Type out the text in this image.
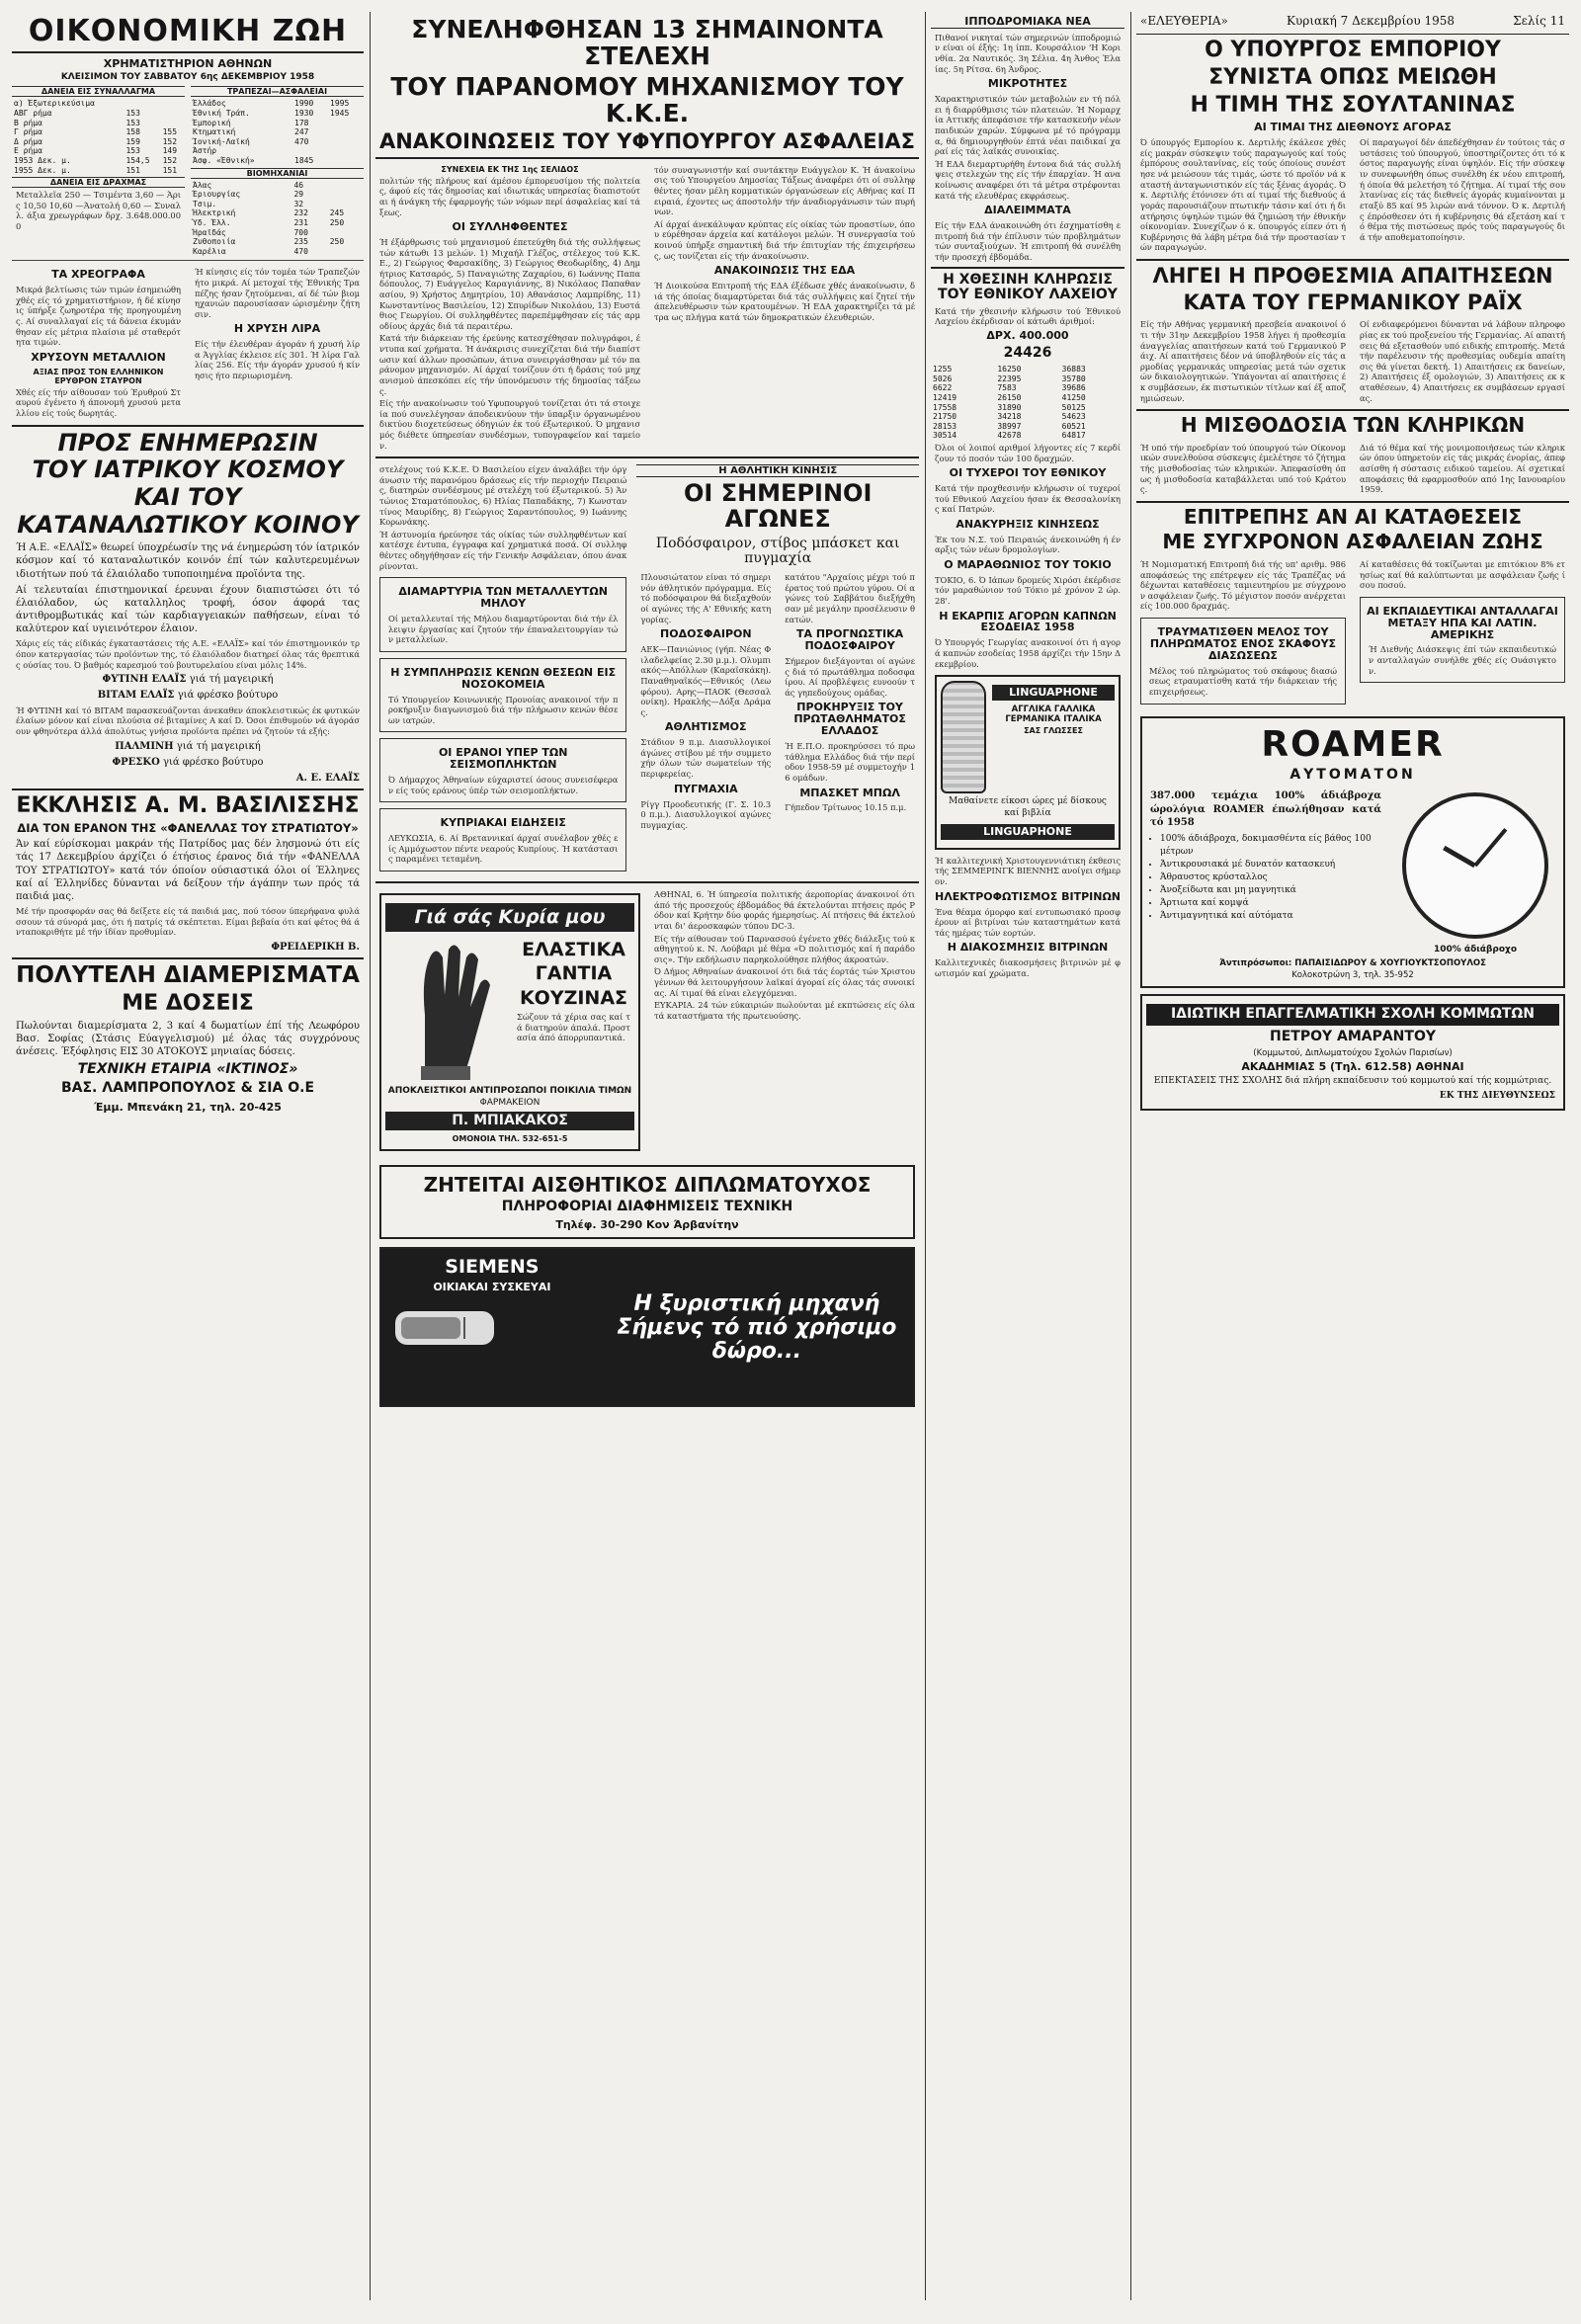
ΟΙΚΟΝΟΜΙΚΗ ΖΩΗ
ΧΡΗΜΑΤΙΣΤΗΡΙΟΝ ΑΘΗΝΩΝ
ΚΛΕΙΣΙΜΟΝ ΤΟΥ ΣΑΒΒΑΤΟΥ 6ης ΔΕΚΕΜΒΡΙΟΥ 1958
ΔΑΝΕΙΑ ΕΙΣ ΣΥΝΑΛΛΑΓΜΑ
α) Έξωτερικεύσιμα		
ΑΒΓ ρήμα	153	
Β ρήμα	153	
Γ ρήμα	158	155
Δ ρήμα	159	152
Ε ρήμα	153	149
1953 Δεκ. μ.	154,5	152
1955 Δεκ. μ.	151	151
ΔΑΝΕΙΑ ΕΙΣ ΔΡΑΧΜΑΣ
Μεταλλεῖα 250 — Τσιμέντα 3,60 — Άρις 10,50 10,60 —Άνατολή 0,60 — Συναλλ. άξια χρεωγράφων δρχ. 3.648.000.000
ΤΡΑΠΕΖΑΙ—ΑΣΦΑΛΕΙΑΙ
Έλλάδος	1990	1995
Έθνική Τράπ.	1930	1945
Έμπορική	178	
Κτηματική	247	
Ίονική-Λαϊκή	470	
Άστήρ		
Άσφ. «Έθνική»	1845	
ΒΙΟΜΗΧΑΝΙΑΙ
Άλας	46	
Έριουργίας	29	
Τσιμ.	32	
Ήλεκτρική	232	245
Ύδ. Έλλ.	231	250
Ήραϊδάς	700	
Ζυθοποιία	235	250
Καρέλια	470	
ΤΑ ΧΡΕΟΓΡΑΦΑ
Μικρά βελτίωσις τών τιμών έσημειώθη χθές είς τό χρηματιστήριον, ή δέ κίνησις ύπήρξε ζωηροτέρα τής προηγουμένης. Αί συναλλαγαί είς τά δάνεια έκυμάνθησαν είς μέτρια πλαίσια μέ σταθερότητα τιμών.
ΧΡΥΣΟΥΝ ΜΕΤΑΛΛΙΟΝ
ΑΞΙΑΣ ΠΡΟΣ ΤΟΝ ΕΛΛΗΝΙΚΟΝ ΕΡΥΘΡΟΝ ΣΤΑΥΡΟΝ
Χθές είς τήν αίθουσαν τού Έρυθρού Σταυρού έγένετο ή άπονομή χρυσού μεταλλίου είς τούς δωρητάς.
Ή κίνησις είς τόν τομέα τών Τραπεζών ήτο μικρά. Αί μετοχαί τής Έθνικής Τραπέζης ήσαν ζητούμεναι, αί δέ τών βιομηχανιών παρουσίασαν ώρισμένην ζήτησιν.
Η ΧΡΥΣΗ ΛΙΡΑ
Είς τήν έλευθέραν άγοράν ή χρυσή λίρα Άγγλίας έκλεισε είς 301. Ή λίρα Γαλλίας 256. Είς τήν άγοράν χρυσού ή κίνησις ήτο περιωρισμένη.
ΠΡΟΣ ΕΝΗΜΕΡΩΣΙΝ
ΤΟΥ ΙΑΤΡΙΚΟΥ ΚΟΣΜΟΥ
ΚΑΙ ΤΟΥ
ΚΑΤΑΝΑΛΩΤΙΚΟΥ ΚΟΙΝΟΥ
Ή Α.Ε. «ΕΛΑΪΣ» θεωρεί ύποχρέωσίν της νά ένημερώση τόν ίατρικόν κόσμον καί τό καταναλωτικόν κοινόν έπί τών καλυτερευμένων ιδιοτήτων πού τά έλαιόλαδο τυποποιημένα προϊόντα της.
Αί τελευταίαι έπιστημονικαί έρευναι έχουν διαπιστώσει ότι τό έλαιόλαδον, ώς καταλληλος τροφή, όσον άφορά τας άντιθρομβωτικάς καί τών καρδιαγγειακών παθήσεων, είναι τό καλύτερον καί υγιεινότερον έλαιον.
Χάρις είς τάς είδικάς έγκαταστάσεις τής Α.Ε. «ΕΛΑΪΣ» καί τόν έπιστημονικόν τρόπον κατεργασίας τών προϊόντων της, τό έλαιόλαδον διατηρεί όλας τάς θρεπτικάς ούσίας του. Ό βαθμός καρεσμού τού βουτυρελαίου είναι μόλις 14%.
ΦΥΤΙΝΗ ΕΛΑΪΣ γιά τή μαγειρική
ΒΙΤΑΜ ΕΛΑΪΣ γιά φρέσκο βούτυρο
Ή ΦΥΤΙΝΗ καί τό ΒΙΤΑΜ παρασκευάζονται άνεκαθεν άποκλειστικώς έκ φυτικών έλαίων μόνον καί είναι πλούσια σέ βιταμίνες Α καί D. Όσοι έπιθυμούν νά άγοράσουν φθηνότερα άλλά άπολύτως γνήσια προϊόντα πρέπει νά ζητούν τά εξής:
ΠΑΛΜΙΝΗ γιά τή μαγειρική
ΦΡΕΣΚΟ γιά φρέσκο βούτυρο
Α. Ε. ΕΛΑΪΣ
ΕΚΚΛΗΣΙΣ Α. Μ. ΒΑΣΙΛΙΣΣΗΣ
ΔΙΑ ΤΟΝ ΕΡΑΝΟΝ ΤΗΣ «ΦΑΝΕΛΛΑΣ ΤΟΥ ΣΤΡΑΤΙΩΤΟΥ»
Άν καί εύρίσκομαι μακράν τής Πατρίδος μας δέν λησμονώ ότι είς τάς 17 Δεκεμβρίου άρχίζει ό έτήσιος έρανος διά τήν «ΦΑΝΕΛΛΑ ΤΟΥ ΣΤΡΑΤΙΩΤΟΥ» κατά τόν όποίον ούσιαστικά όλοι οί Έλληνες καί αί Έλληνίδες δύνανται νά δείξουν τήν άγάπην των πρός τά παιδιά μας.
Μέ τήν προσφοράν σας θά δείξετε είς τά παιδιά μας, πού τόσον ύπερήφανα φυλάσσουν τά σύνορά μας, ότι ή πατρίς τά σκέπτεται. Είμαι βεβαία ότι καί φέτος θά άνταποκριθήτε μέ τήν ίδίαν προθυμίαν.
ΦΡΕΙΔΕΡΙΚΗ Β.
ΠΟΛΥΤΕΛΗ ΔΙΑΜΕΡΙΣΜΑΤΑ
ΜΕ ΔΟΣΕΙΣ
Πωλούνται διαμερίσματα 2, 3 καί 4 δωματίων έπί τής Λεωφόρου Βασ. Σοφίας (Στάσις Εύαγγελισμού) μέ όλας τάς συγχρόνους άνέσεις. Έξόφλησις ΕΙΣ 30 ΑΤΟΚΟΥΣ μηνιαίας δόσεις.
ΤΕΧΝΙΚΗ ΕΤΑΙΡΙΑ «ΙΚΤΙΝΟΣ»
ΒΑΣ. ΛΑΜΠΡΟΠΟΥΛΟΣ & ΣΙΑ Ο.Ε
Έμμ. Μπενάκη 21, τηλ. 20-425
ΣΥΝΕΛΗΦΘΗΣΑΝ 13 ΣΗΜΑΙΝΟΝΤΑ ΣΤΕΛΕΧΗ
ΤΟΥ ΠΑΡΑΝΟΜΟΥ ΜΗΧΑΝΙΣΜΟΥ ΤΟΥ Κ.Κ.Ε.
ΑΝΑΚΟΙΝΩΣΕΙΣ ΤΟΥ ΥΦΥΠΟΥΡΓΟΥ ΑΣΦΑΛΕΙΑΣ
ΣΥΝΕΧΕΙΑ ΕΚ ΤΗΣ 1ης ΣΕΛΙΔΟΣ
πολιτών τής πλήρους καί άμέσου έμπορευσίμου τής πολιτείας, άφού είς τάς δημοσίας καί ιδιωτικάς υπηρεσίας διαπιστούται ή άνάγκη τής έφαρμογής τών νόμων περί άσφαλείας καί τάξεως.
ΟΙ ΣΥΛΛΗΦΘΕΝΤΕΣ
Ή έξάρθρωσις τού μηχανισμού έπετεύχθη διά τής συλλήψεως τών κάτωθι 13 μελών. 1) Μιχαήλ Γλέζος, στέλεχος τού Κ.Κ.Ε., 2) Γεώργιος Φαρσακίδης, 3) Γεώργιος Θεοδωρίδης, 4) Δημήτριος Κατσαρός, 5) Παναγιώτης Ζαχαρίου, 6) Ιωάννης Παπαδόπουλος, 7) Ευάγγελος Καραγιάννης, 8) Νικόλαος Παπαθανασίου, 9) Χρήστος Δημητρίου, 10) Αθανάσιος Λαμπρίδης, 11) Κωνσταντίνος Βασιλείου, 12) Σπυρίδων Νικολάου, 13) Ευστάθιος Γεωργίου. Οί συλληφθέντες παρεπέμφθησαν είς τάς αρμοδίους άρχάς διά τά περαιτέρω.
Κατά τήν διάρκειαν τής έρεύνης κατεσχέθησαν πολυγράφοι, έντυπα καί χρήματα. Ή άνάκρισις συνεχίζεται διά τήν διαπίστωσιν καί άλλων προσώπων, άτινα συνειργάσθησαν μέ τόν παράνομον μηχανισμόν. Αί άρχαί τονίζουν ότι ή δράσις τού μηχανισμού άπεσκόπει είς τήν ύπονόμευσιν τής δημοσίας τάξεως.
Είς τήν ανακοίνωσιν τού Υφυπουργού τονίζεται ότι τά στοιχεία πού συνελέγησαν άποδεικνύουν τήν ύπαρξιν όργανωμένου δικτύου διοχετεύσεως όδηγιών έκ τού έξωτερικού. Ό μηχανισμός διέθετε ύπηρεσίαν συνδέσμων, τυπογραφείον καί ταμείον.
τόν συναγωνιστήν καί συντάκτην Ευάγγελον Κ. Ή άνακοίνωσις τού Υπουργείου Δημοσίας Τάξεως άναφέρει ότι οί συλληφθέντες ήσαν μέλη κομματικών όργανώσεων είς Αθήνας καί Πειραιά, έχοντες ως άποστολήν τήν άναδιοργάνωσιν τών πυρήνων.
Αί άρχαί άνεκάλυψαν κρύπτας είς οίκίας τών προαστίων, όπου εύρέθησαν άρχεία καί κατάλογοι μελών. Ή συνεργασία τού κοινού ύπήρξε σημαντική διά τήν έπιτυχίαν τής έπιχειρήσεως, ως τονίζεται είς τήν άνακοίνωσιν.
ΑΝΑΚΟΙΝΩΣΙΣ ΤΗΣ ΕΔΑ
Ή Διοικούσα Επιτροπή τής ΕΔΑ έξέδωσε χθές άνακοίνωσιν, διά τής όποίας διαμαρτύρεται διά τάς συλλήψεις καί ζητεί τήν άπελευθέρωσιν τών κρατουμένων. Ή ΕΔΑ χαρακτηρίζει τά μέτρα ως πλήγμα κατά τών δημοκρατικών έλευθεριών.
στελέχους τού Κ.Κ.Ε. Ό Βασιλείου είχεν άναλάβει τήν όργάνωσιν τής παρανόμου δράσεως είς τήν περιοχήν Πειραιώς, διατηρών συνδέσμους μέ στελέχη τού έξωτερικού. 5) Άντώνιος Σταματόπουλος, 6) Ηλίας Παπαδάκης, 7) Κωνσταντίνος Μαυρίδης, 8) Γεώργιος Σαραντόπουλος, 9) Ιωάννης Κορωνάκης.
Ή άστυνομία ήρεύνησε τάς οίκίας τών συλληφθέντων καί κατέσχε έντυπα, έγγραφα καί χρηματικά ποσά. Οί συλληφθέντες οδηγήθησαν είς τήν Γενικήν Ασφάλειαν, όπου άνακρίνονται.
ΔΙΑΜΑΡΤΥΡΙΑ ΤΩΝ ΜΕΤΑΛΛΕΥΤΩΝ ΜΗΛΟΥ
Οί μεταλλευταί τής Μήλου διαμαρτύρονται διά τήν έλλειψιν έργασίας καί ζητούν τήν έπαναλειτουργίαν τών μεταλλείων.
Η ΣΥΜΠΛΗΡΩΣΙΣ ΚΕΝΩΝ ΘΕΣΕΩΝ ΕΙΣ ΝΟΣΟΚΟΜΕΙΑ
Τό Υπουργείον Κοινωνικής Προνοίας ανακοινοί τήν προκήρυξιν διαγωνισμού διά τήν πλήρωσιν κενών θέσεων ιατρών.
ΟΙ ΕΡΑΝΟΙ ΥΠΕΡ ΤΩΝ ΣΕΙΣΜΟΠΛΗΚΤΩΝ
Ό Δήμαρχος Άθηναίων εύχαριστεί όσους συνεισέφεραν είς τούς εράνους ύπέρ τών σεισμοπλήκτων.
ΚΥΠΡΙΑΚΑΙ ΕΙΔΗΣΕΙΣ
ΛΕΥΚΩΣΙΑ, 6. Αί Βρεταννικαί άρχαί συνέλαβον χθές είς Αμμόχωστον πέντε νεαρούς Κυπρίους. Ή κατάστασις παραμένει τεταμένη.
Η ΑΘΛΗΤΙΚΗ ΚΙΝΗΣΙΣ
ΟΙ ΣΗΜΕΡΙΝΟΙ ΑΓΩΝΕΣ
Ποδόσφαιρον, στίβος μπάσκετ και πυγμαχία
Πλουσιώτατον είναι τό σημερινόν άθλητικόν πρόγραμμα. Είς τό ποδόσφαιρον θά διεξαχθούν οί αγώνες τής Α' Εθνικής κατηγορίας.
ΠΟΔΟΣΦΑΙΡΟΝ
ΑΕΚ—Πανιώνιος (γήπ. Νέας Φιλαδελφείας 2.30 μ.μ.). Ολυμπιακός—Απόλλων (Καραϊσκάκη). Παναθηναϊκός—Εθνικός (Λεωφόρου). Αρης—ΠΑΟΚ (Θεσσαλονίκη). Ηρακλής—Δόξα Δράμας.
ΑΘΛΗΤΙΣΜΟΣ
Στάδιον 9 π.μ. Διασυλλογικοί άγώνες στίβου μέ τήν συμμετοχήν όλων τών σωματείων τής περιφερείας.
ΠΥΓΜΑΧΙΑ
Ρίγγ Προοδευτικής (Γ. Σ. 10.30 π.μ.). Διασυλλογικοί αγώνες πυγμαχίας.
κατάτου "Αρχαίοις μέχρι τού πέρατος τού πρώτου γύρου. Οί αγώνες τού Σαββάτου διεξήχθησαν μέ μεγάλην προσέλευσιν θεατών.
ΤΑ ΠΡΟΓΝΩΣΤΙΚΑ ΠΟΔΟΣΦΑΙΡΟΥ
Σήμερον διεξάγονται οί αγώνες διά τό πρωτάθλημα ποδοσφαίρου. Αί προβλέψεις ευνοούν τάς γηπεδούχους ομάδας.
ΠΡΟΚΗΡΥΞΙΣ ΤΟΥ ΠΡΩΤΑΘΛΗΜΑΤΟΣ ΕΛΛΑΔΟΣ
Ή Ε.Π.Ο. προκηρύσσει τό πρωτάθλημα Ελλάδος διά τήν περίοδον 1958-59 μέ συμμετοχήν 16 ομάδων.
ΜΠΑΣΚΕΤ ΜΠΩΛ
Γήπεδον Τρίτωνος 10.15 π.μ.
Γιά σάς Κυρία μου
ΕΛΑΣΤΙΚΑ
ΓΑΝΤΙΑ
ΚΟΥΖΙΝΑΣ
Σώζουν τά χέρια σας καί τά διατηρούν άπαλά. Προστασία άπό άπορρυπαντικά.
ΑΠΟΚΛΕΙΣΤΙΚΟΙ ΑΝΤΙΠΡΟΣΩΠΟΙ ΠΟΙΚΙΛΙΑ ΤΙΜΩΝ
ΦΑΡΜΑΚΕΙΟΝ
Π. ΜΠΙΑΚΑΚΟΣ
ΟΜΟΝΟΙΑ ΤΗΛ. 532-651-5
ΑΘΗΝΑΙ, 6. Ή ύπηρεσία πολιτικής άεροπορίας άνακοινοί ότι άπό τής προσεχούς έβδομάδος θά έκτελούνται πτήσεις πρός Ρόδον καί Κρήτην δύο φοράς ήμερησίως. Αί πτήσεις θά έκτελούνται δι' άεροσκαφών τύπου DC-3.
Είς τήν αίθουσαν τού Παρνασσού έγένετο χθές διάλεξις τού καθηγητού κ. Ν. Λούβαρι μέ θέμα «Ό πολιτισμός καί ή παράδοσις». Τήν εκδήλωσιν παρηκολούθησε πλήθος άκροατών.
Ό Δήμος Αθηναίων άνακοινοί ότι διά τάς έορτάς τών Χριστουγέννων θά λειτουργήσουν λαϊκαί άγοραί είς όλας τάς συνοικίας. Αί τιμαί θά είναι ελεγχόμεναι.
ΕΥΚΑΡΙΑ. 24 τών εύκαιριών πωλούνται μέ εκπτώσεις είς όλα τά καταστήματα τής πρωτευούσης.
ΖΗΤΕΙΤΑΙ ΑΙΣΘΗΤΙΚΟΣ ΔΙΠΛΩΜΑΤΟΥΧΟΣ
ΠΛΗΡΟΦΟΡΙΑΙ ΔΙΑΦΗΜΙΣΕΙΣ ΤΕΧΝΙΚΗ
Τηλέφ. 30-290 Κον Άρβανίτην
SIEMENS
ΟΙΚΙΑΚΑΙ ΣΥΣΚΕΥΑΙ
Η ξυριστική μηχανή Σήμενς τό πιό χρήσιμο δώρο...
ΙΠΠΟΔΡΟΜΙΑΚΑ ΝΕΑ
Πιθανοί νικηταί τών σημερινών ίπποδρομιών είναι οί έξής: 1η ίππ. Κουρσάλιον 'Η Κορινθία. 2α Ναυτικός. 3η Σέλια. 4η Άνθος Έλαίας. 5η Ρίτσα. 6η Άνδρος.
ΜΙΚΡΟΤΗΤΕΣ
Χαρακτηριστικόν τών μεταβολών εν τή πόλει ή διαρρύθμισις τών πλατειών. Ή Νομαρχία Αττικής άπεφάσισε τήν κατασκευήν νέων παιδικών χαρών. Σύμφωνα μέ τό πρόγραμμα, θά δημιουργηθούν έπτά νέαι παιδικαί χαραί είς τάς λαϊκάς συνοικίας.
Ή ΕΔΑ διεμαρτυρήθη έντονα διά τάς συλλήψεις στελεχών της είς τήν έπαρχίαν. Ή ανακοίνωσις αναφέρει ότι τά μέτρα στρέφονται κατά τής ελευθέρας εκφράσεως.
ΔΙΑΛΕΙΜΜΑΤΑ
Είς τήν ΕΔΑ άνακοινώθη ότι έσχηματίσθη επιτροπή διά τήν έπίλυσιν τών προβλημάτων τών συνταξιούχων. Ή επιτροπή θά συνέλθη τήν προσεχή έβδομάδα.
Η ΧΘΕΣΙΝΗ ΚΛΗΡΩΣΙΣ ΤΟΥ ΕΘΝΙΚΟΥ ΛΑΧΕΙΟΥ
Κατά τήν χθεσινήν κλήρωσιν τού Έθνικού Λαχείου έκέρδισαν οί κάτωθι άριθμοί:
ΔΡΧ. 400.000
24426
1255	16250	36883
5026	22395	35780
6622	7583	39686
12419	26150	41250
17558	31890	50125
21750	34218	54623
28153	38997	60521
30514	42678	64817
Όλοι οί λοιποί αριθμοί λήγοντες είς 7 κερδίζουν τό ποσόν τών 100 δραχμών.
ΟΙ ΤΥΧΕΡΟΙ ΤΟΥ ΕΘΝΙΚΟΥ
Κατά τήν προχθεσινήν κλήρωσιν οί τυχεροί τού Εθνικού Λαχείου ήσαν έκ Θεσσαλονίκης καί Πατρών.
ΑΝΑΚΥΡΗΞΙΣ ΚΙΝΗΣΕΩΣ
Έκ του Ν.Σ. τού Πειραιώς άνεκοινώθη ή έναρξις τών νέων δρομολογίων.
Ο ΜΑΡΑΘΩΝΙΟΣ ΤΟΥ ΤΟΚΙΟ
ΤΟΚΙΟ, 6. Ό Ιάπων δρομεύς Χιρόσι έκέρδισε τόν μαραθώνιον τού Τόκιο μέ χρόνον 2 ώρ. 28'.
Η ΕΚΑΡΠΙΣ ΑΓΟΡΩΝ ΚΑΠΝΩΝ ΕΣΟΔΕΙΑΣ 1958
Ό Υπουργός Γεωργίας ανακοινοί ότι ή αγορά καπνών εσοδείας 1958 άρχίζει τήν 15ην Δεκεμβρίου.
LINGUAPHONE
ΑΓΓΛΙΚΑ ΓΑΛΛΙΚΑ ΓΕΡΜΑΝΙΚΑ ΙΤΑΛΙΚΑ
ΣΑΣ ΓΛΩΣΣΕΣ
Μαθαίνετε είκοσι ώρες μέ δίσκους καί βιβλία
LINGUAPHONE
Ή καλλιτεχνική Χριστουγεννιάτικη έκθεσις τής ΣΕΜΜΕΡΙΝΓΚ ΒΙΕΝΝΗΣ ανοίγει σήμερον.
ΗΛΕΚΤΡΟΦΩΤΙΣΜΟΣ ΒΙΤΡΙΝΩΝ
Ένα θέαμα όμορφο καί εντυπωσιακό προσφέρουν αί βιτρίναι τών καταστημάτων κατά τάς ημέρας τών εορτών.
Η ΔΙΑΚΟΣΜΗΣΙΣ ΒΙΤΡΙΝΩΝ
Καλλιτεχνικές διακοσμήσεις βιτρινών μέ φωτισμόν καί χρώματα.
«ΕΛΕΥΘΕΡΙΑ»	Κυριακή 7 Δεκεμβρίου 1958	Σελίς 11
Ο ΥΠΟΥΡΓΟΣ ΕΜΠΟΡΙΟΥ
ΣΥΝΙΣΤΑ ΟΠΩΣ ΜΕΙΩΘΗ
Η ΤΙΜΗ ΤΗΣ ΣΟΥΛΤΑΝΙΝΑΣ
ΑΙ ΤΙΜΑΙ ΤΗΣ ΔΙΕΘΝΟΥΣ ΑΓΟΡΑΣ
Ό ύπουργός Εμπορίου κ. Δερτιλής έκάλεσε χθές είς μακράν σύσκεψιν τούς παραγωγούς καί τούς έμπόρους σουλτανίνας, είς τούς όποίους συνέστησε νά μειώσουν τάς τιμάς, ώστε τό προϊόν νά καταστή άνταγωνιστικόν είς τάς ξένας άγοράς. Ό κ. Δερτιλής έτόνισεν ότι αί τιμαί τής διεθνούς άγοράς παρουσιάζουν πτωτικήν τάσιν καί ότι ή διατήρησις ύψηλών τιμών θά ζημιώση τήν έθνικήν οίκονομίαν. Συνεχίζων ό κ. ύπουργός είπεν ότι ή Κυβέρνησις θά λάβη μέτρα διά τήν προστασίαν τών παραγωγών.
Οί παραγωγοί δέν άπεδέχθησαν έν τούτοις τάς συστάσεις τού ύπουργού, ύποστηρίζοντες ότι τό κόστος παραγωγής είναι ύψηλόν. Είς τήν σύσκεψιν συνεφωνήθη όπως συνέλθη έκ νέου επιτροπή, ή όποία θά μελετήση τό ζήτημα. Αί τιμαί τής σουλτανίνας είς τάς διεθνείς άγοράς κυμαίνονται μεταξύ 85 καί 95 λιρών ανά τόννον. Ό κ. Δερτιλής έπρόσθεσεν ότι ή κυβέρνησις θά εξετάση καί τό θέμα τής πιστώσεως πρός τούς παραγωγούς διά τήν αποθεματοποίησιν.
ΛΗΓΕΙ Η ΠΡΟΘΕΣΜΙΑ ΑΠΑΙΤΗΣΕΩΝ
ΚΑΤΑ ΤΟΥ ΓΕΡΜΑΝΙΚΟΥ ΡΑΪΧ
Είς τήν Αθήνας γερμανική πρεσβεία ανακοινοί ότι τήν 31ην Δεκεμβρίου 1958 λήγει ή προθεσμία άναγγελίας απαιτήσεων κατά τού Γερμανικού Ράιχ. Αί απαιτήσεις δέον νά ύποβληθούν είς τάς αρμοδίας γερμανικάς υπηρεσίας μετά τών σχετικών δικαιολογητικών. Ύπάγονται αί απαιτήσεις έκ συμβάσεων, έκ πιστωτικών τίτλων καί έξ αποζημιώσεων.
Οί ενδιαφερόμενοι δύνανται νά λάβουν πληροφορίας εκ τού προξενείου τής Γερμανίας. Αί απαιτήσεις θά εξετασθούν υπό ειδικής επιτροπής. Μετά τήν παρέλευσιν τής προθεσμίας ουδεμία απαίτησις θά γίνεται δεκτή. 1) Απαιτήσεις εκ δανείων, 2) Απαιτήσεις έξ ομολογιών, 3) Απαιτήσεις εκ καταθέσεων, 4) Απαιτήσεις εκ συμβάσεων εργασίας.
Η ΜΙΣΘΟΔΟΣΙΑ ΤΩΝ ΚΛΗΡΙΚΩΝ
Ή υπό τήν προεδρίαν τού ύπουργού τών Οίκονομικών συνελθούσα σύσκεψις έμελέτησε τό ζήτημα τής μισθοδοσίας τών κληρικών. Άπεφασίσθη όπως ή μισθοδοσία καταβάλλεται υπό τού Κράτους.
Διά τό θέμα καί τής μονιμοποιήσεως τών κληρικών όπου ύπηρετούν είς τάς μικράς ένορίας, άπεφασίσθη ή σύστασις ειδικού ταμείου. Αί σχετικαί αποφάσεις θά εφαρμοσθούν από 1ης Ιανουαρίου 1959.
ΕΠΙΤΡΕΠΗΣ ΑΝ ΑΙ ΚΑΤΑΘΕΣΕΙΣ
ΜΕ ΣΥΓΧΡΟΝΟΝ ΑΣΦΑΛΕΙΑΝ ΖΩΗΣ
Ή Νομισματική Επιτροπή διά τής υπ' αριθμ. 986 αποφάσεώς της επέτρεψεν είς τάς Τραπέζας νά δέχωνται καταθέσεις ταμιευτηρίου με σύγχρονον ασφάλειαν ζωής. Τό μέγιστον ποσόν ανέρχεται είς 100.000 δραχμάς.
ΤΡΑΥΜΑΤΙΣΘΕΝ ΜΕΛΟΣ ΤΟΥ ΠΛΗΡΩΜΑΤΟΣ ΕΝΟΣ ΣΚΑΦΟΥΣ ΔΙΑΣΩΣΕΩΣ
Μέλος τού πληρώματος τού σκάφους διασώσεως ετραυματίσθη κατά τήν διάρκειαν τής επιχειρήσεως.
Αί καταθέσεις θά τοκίζωνται με επιτόκιον 8% ετησίως καί θά καλύπτωνται με ασφάλειαν ζωής ίσου ποσού.
ΑΙ ΕΚΠΑΙΔΕΥΤΙΚΑΙ ΑΝΤΑΛΛΑΓΑΙ ΜΕΤΑΞΥ ΗΠΑ ΚΑΙ ΛΑΤΙΝ. ΑΜΕΡΙΚΗΣ
Ή Διεθνής Διάσκεψις έπί τών εκπαιδευτικών ανταλλαγών συνήλθε χθές είς Ουάσιγκτον.
ROAMER
ΑΥΤΟΜΑΤΟΝ
387.000 τεμάχια 100% άδιάβροχα ώρολόγια ROAMER έπωλήθησαν κατά τό 1958
• 100% άδιάβροχα, δοκιμασθέντα είς βάθος 100 μέτρων
• Άντικρουσιακά μέ δυνατόν κατασκευή
• Άθραυστος κρύσταλλος
• Άνοξείδωτα και μη μαγνητικά
• Άρτιωτα καί κομψά
• Άντιμαγνητικά καί αύτόματα
100% άδιάβροχο
Άντιπρόσωποι: ΠΑΠΑΙΣΙΔΩΡΟΥ & ΧΟΥΓΙΟΥΚΤΣΟΠΟΥΛΟΣ
Κολοκοτρώνη 3, τηλ. 35-952
ΙΔΙΩΤΙΚΗ ΕΠΑΓΓΕΛΜΑΤΙΚΗ ΣΧΟΛΗ ΚΟΜΜΩΤΩΝ
ΠΕΤΡΟΥ ΑΜΑΡΑΝΤΟΥ
(Κομμωτού, Διπλωματούχου Σχολών Παρισίων)
ΑΚΑΔΗΜΙΑΣ 5 (Τηλ. 612.58) ΑΘΗΝΑΙ
ΕΠΕΚΤΑΣΕΙΣ ΤΗΣ ΣΧΟΛΗΣ διά πλήρη εκπαίδευσιν τού κομμωτού καί τής κομμώτριας.
ΕΚ ΤΗΣ ΔΙΕΥΘΥΝΣΕΩΣ
